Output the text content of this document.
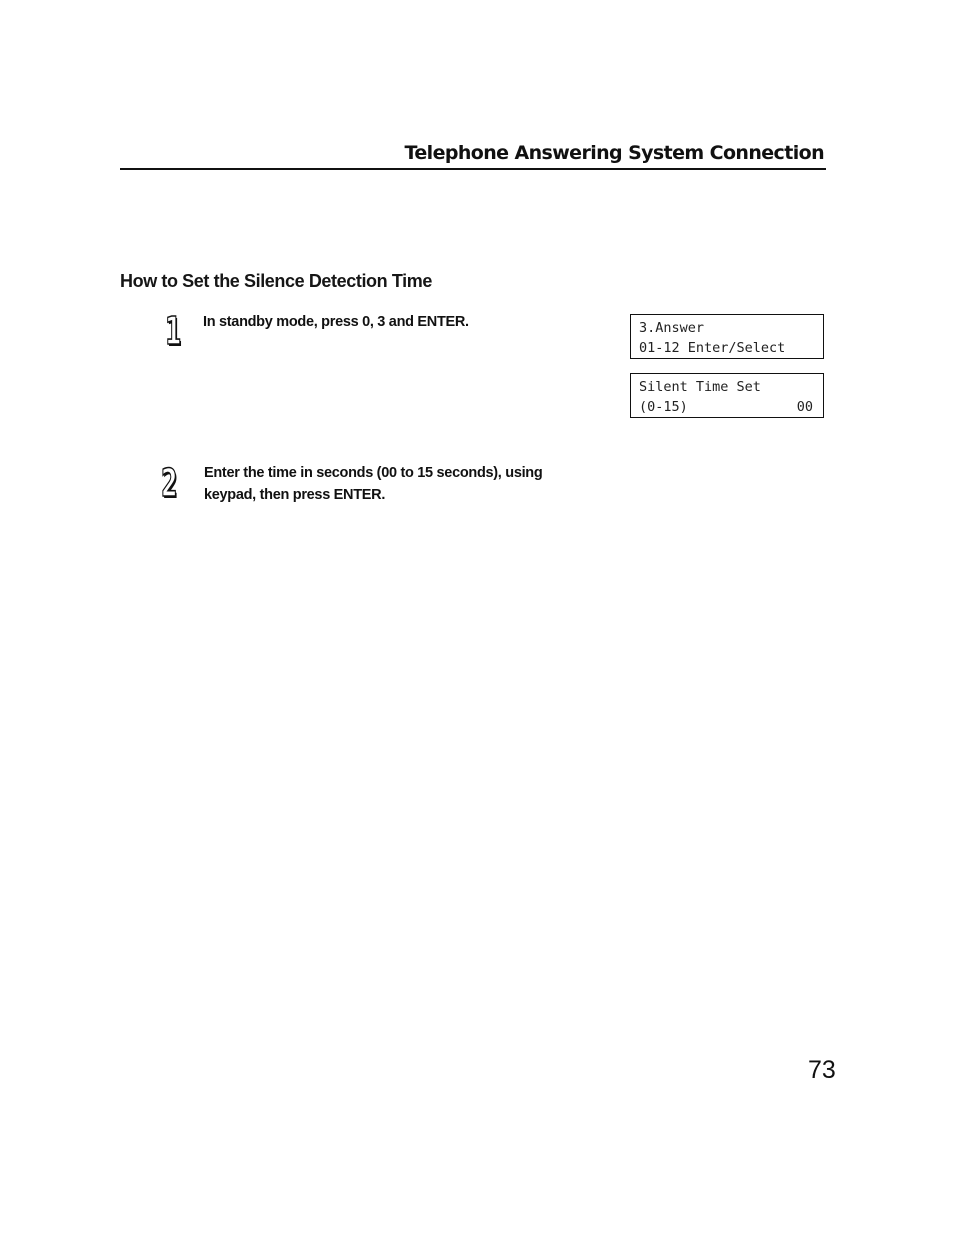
Telephone Answering System Connection
How to Set the Silence Detection Time
1 In standby mode, press 0, 3 and ENTER.	3.Answer
01-12 Enter/Select
Silent Time Set
(0-15)	00
2 Enter the time in seconds (00 to 15 seconds), using
keypad, then press ENTER.
73
